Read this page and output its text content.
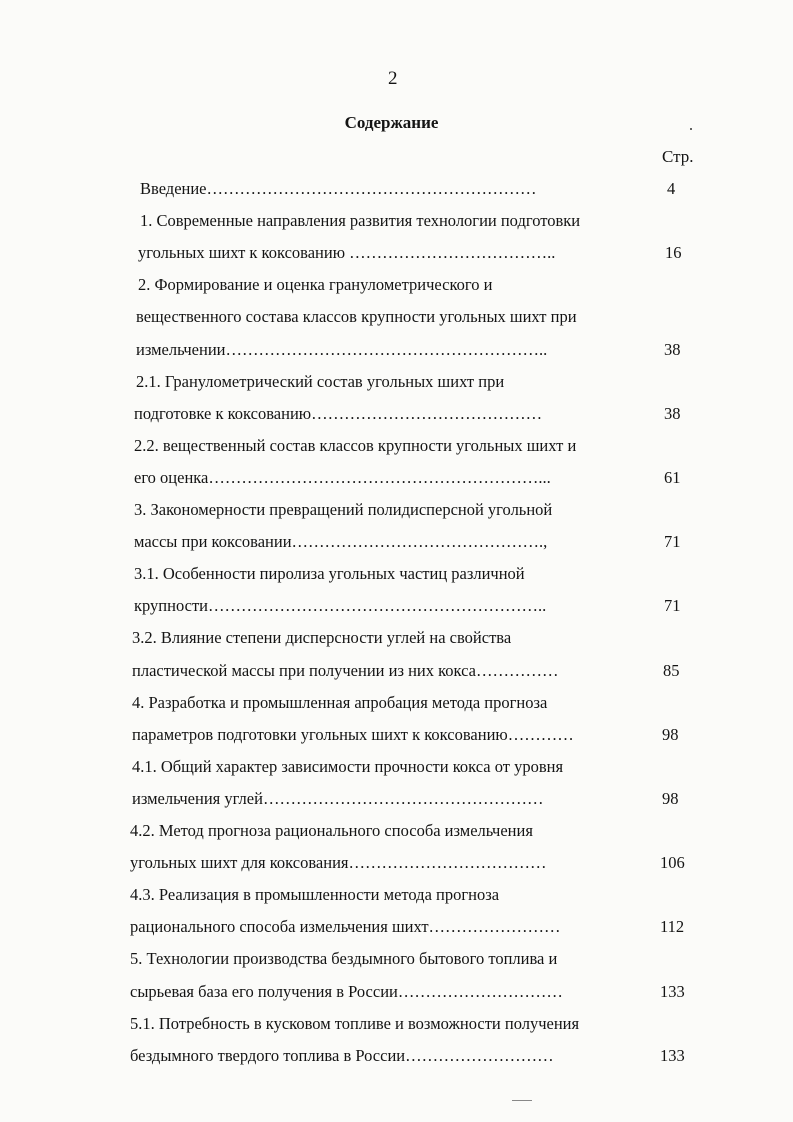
2
Содержание
Стр.
Введение……………………………………………………	4
1. Современные направления развития технологии подготовки
угольных шихт к коксованию ………………………………..	16
2. Формирование и оценка гранулометрического и
вещественного состава классов крупности угольных шихт при
измельчении…………………………………………………..	38
2.1. Гранулометрический состав угольных шихт при
подготовке к коксованию……………………………………	38
2.2. вещественный состав классов крупности угольных шихт и
его оценка……………………………………………………...	61
3. Закономерности превращений полидисперсной угольной
массы при коксовании……………………………………….,	71
3.1. Особенности пиролиза угольных частиц различной
крупности……………………………………………………..	71
3.2. Влияние степени дисперсности углей на свойства
пластической массы при получении из них кокса……………	85
4. Разработка и промышленная апробация метода прогноза
параметров подготовки угольных шихт к коксованию…………	98
4.1. Общий характер зависимости прочности кокса от уровня
измельчения углей……………………………………………	98
4.2. Метод прогноза рационального способа измельчения
угольных шихт для коксования………………………………	106
4.3. Реализация в промышленности метода прогноза
рационального способа измельчения шихт……………………	112
5. Технологии производства бездымного бытового топлива и
сырьевая база его получения в России…………………………	133
5.1. Потребность в кусковом топливе и возможности получения
бездымного твердого топлива в России………………………	133
